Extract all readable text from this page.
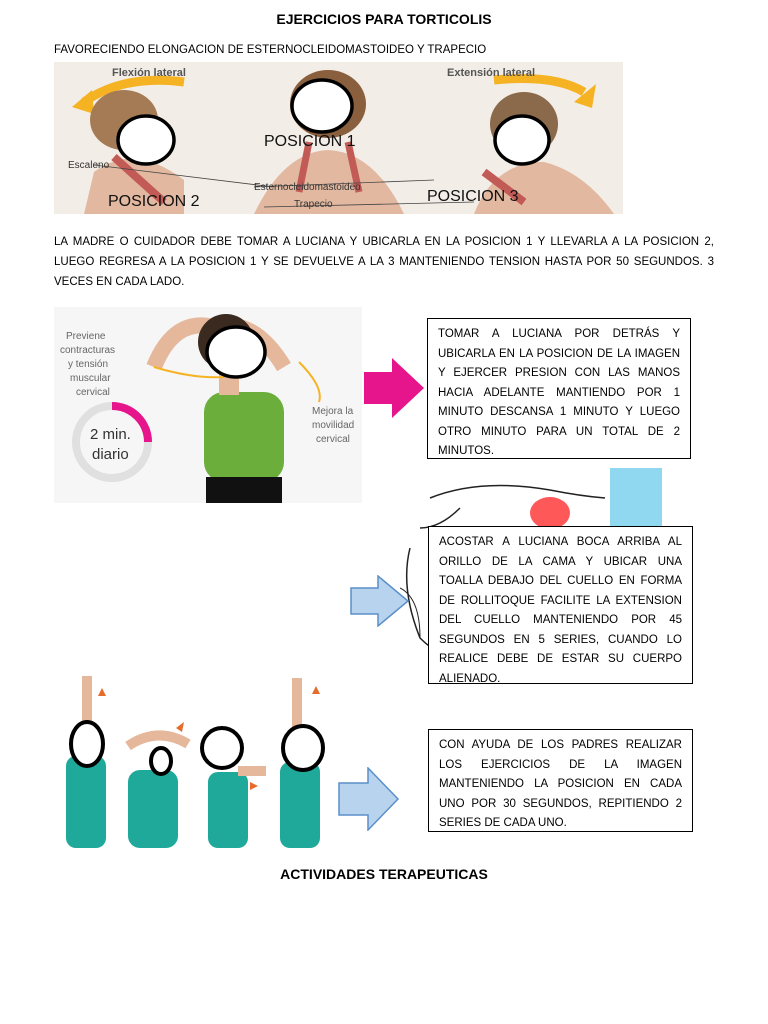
EJERCICIOS PARA TORTICOLIS
FAVORECIENDO ELONGACION DE ESTERNOCLEIDOMASTOIDEO Y TRAPECIO
Flexión lateral	Extensión lateral
POSICION 1
POSICION 2	POSICION 3
Escaleno
Esternocleidomastoideo
Trapecio
LA MADRE O CUIDADOR DEBE TOMAR A LUCIANA Y UBICARLA EN LA POSICION 1 Y LLEVARLA A LA POSICION 2, LUEGO REGRESA A LA POSICION 1 Y SE DEVUELVE A LA 3 MANTENIENDO TENSION HASTA POR 50 SEGUNDOS. 3 VECES EN CADA LADO.
Previene
contracturas
y tensión
muscular
cervical
2 min.
diario
Mejora la
movilidad
cervical
TOMAR A LUCIANA POR DETRÁS Y UBICARLA EN LA POSICION DE LA IMAGEN Y EJERCER PRESION CON LAS MANOS HACIA ADELANTE MANTIENDO POR 1 MINUTO DESCANSA 1 MINUTO Y LUEGO OTRO MINUTO PARA UN TOTAL DE 2 MINUTOS.
ACOSTAR A LUCIANA BOCA ARRIBA AL ORILLO DE LA CAMA Y UBICAR UNA TOALLA DEBAJO DEL CUELLO EN FORMA DE ROLLITOQUE FACILITE LA EXTENSION DEL CUELLO MANTENIENDO POR 45 SEGUNDOS EN 5 SERIES, CUANDO LO REALICE DEBE DE ESTAR SU CUERPO ALIENADO.
CON AYUDA DE LOS PADRES REALIZAR LOS EJERCICIOS DE LA IMAGEN MANTENIENDO LA POSICION EN CADA UNO POR 30 SEGUNDOS, REPITIENDO 2 SERIES DE CADA UNO.
ACTIVIDADES TERAPEUTICAS
